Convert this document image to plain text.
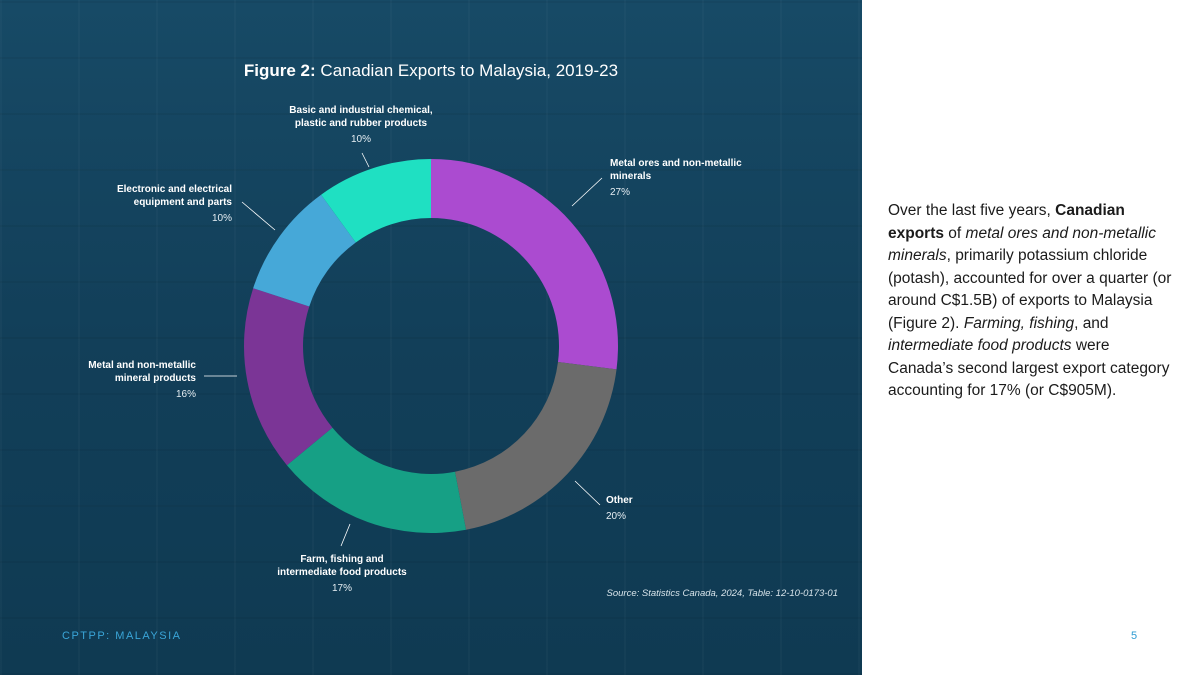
Figure 2: Canadian Exports to Malaysia, 2019-23
Metal ores and non-metallic
minerals
27%
Other
20%
Farm, fishing and
intermediate food products
17%
Metal and non-metallic
mineral products
16%
Electronic and electrical
equipment and parts
10%
Basic and industrial chemical,
plastic and rubber products
10%
Source: Statistics Canada, 2024, Table: 12-10-0173-01
CPTPP: MALAYSIA
Over the last five years, Canadian exports of metal ores and non-metallic minerals, primarily potassium chloride (potash), accounted for over a quarter (or around C$1.5B) of exports to Malaysia (Figure 2). Farming, fishing, and intermediate food products were Canada’s second largest export category accounting for 17% (or C$905M).
5
